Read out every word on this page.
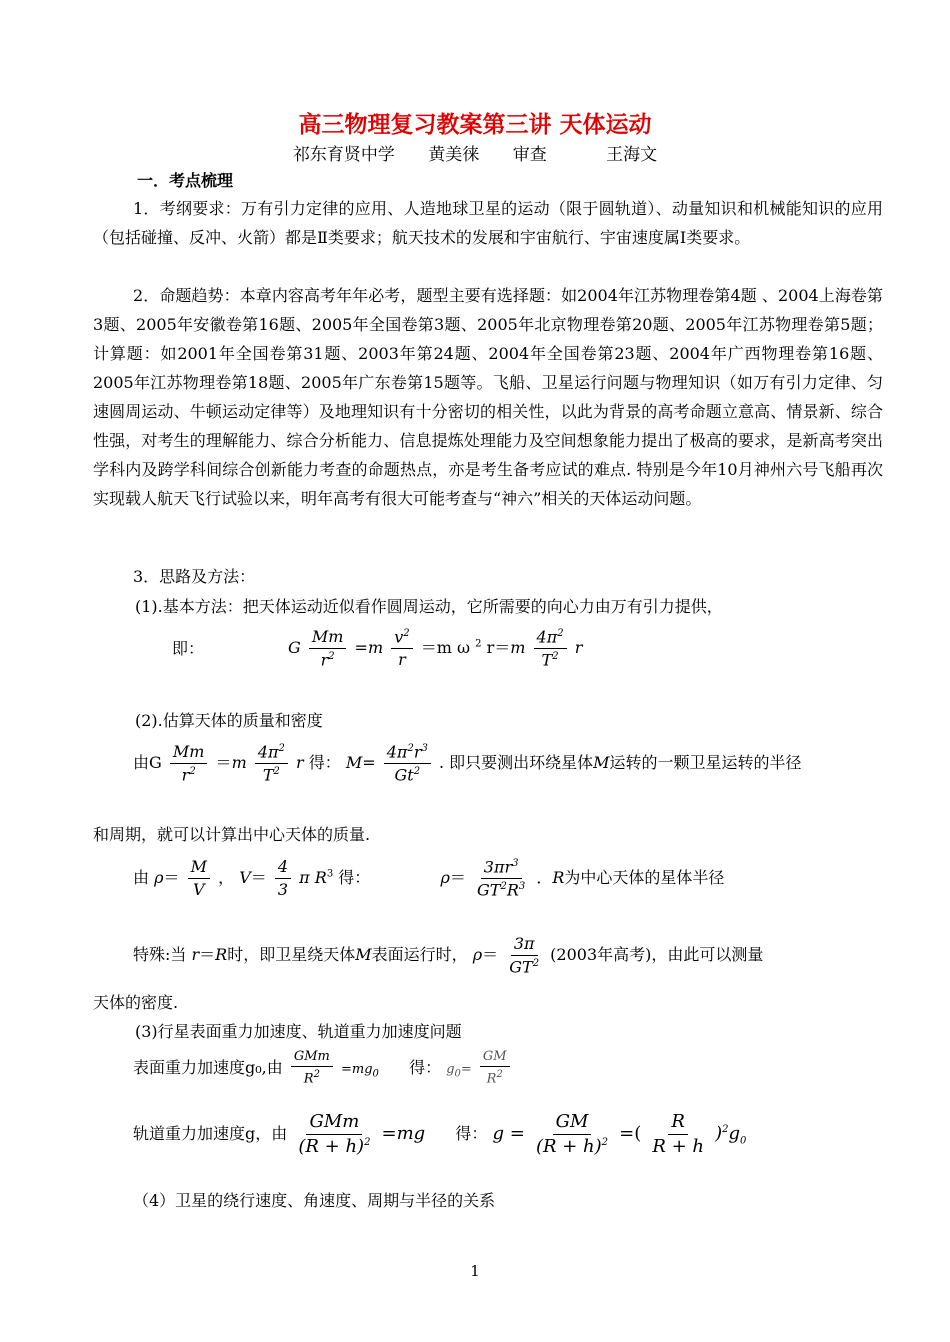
高三物理复习教案第三讲 天体运动
祁东育贤中学 黄美徕 审查	王海文
一．考点梳理
1．考纲要求：万有引力定律的应用、人造地球卫星的运动（限于圆轨道）、动量知识和机械能知识的应用（包括碰撞、反冲、火箭）都是Ⅱ类要求；航天技术的发展和宇宙航行、宇宙速度属Ⅰ类要求。
2．命题趋势：本章内容高考年年必考，题型主要有选择题：如2004年江苏物理卷第4题 、2004上海卷第3题、2005年安徽卷第16题、2005年全国卷第3题、2005年北京物理卷第20题、2005年江苏物理卷第5题；计算题：如2001年全国卷第31题、2003年第24题、2004年全国卷第23题、2004年广西物理卷第16题、2005年江苏物理卷第18题、2005年广东卷第15题等。飞船、卫星运行问题与物理知识（如万有引力定律、匀速圆周运动、牛顿运动定律等）及地理知识有十分密切的相关性，以此为背景的高考命题立意高、情景新、综合性强，对考生的理解能力、综合分析能力、信息提炼处理能力及空间想象能力提出了极高的要求，是新高考突出学科内及跨学科间综合创新能力考查的命题热点，亦是考生备考应试的难点. 特别是今年10月神州六号飞船再次实现载人航天飞行试验以来，明年高考有很大可能考查与“神六”相关的天体运动问题。
3．思路及方法：
(1).基本方法：把天体运动近似看作圆周运动，它所需要的向心力由万有引力提供，
即：	G $\frac{Mm}{r^2} =m \frac{v^2}{r} =m$ ω $^2$ $r=m \frac{4\pi^2}{T^2}$ r
(2).估算天体的质量和密度
由G $\frac{Mm}{r^2} =m \frac{4\pi^2}{T^2}$ r 得： $M= \frac{4\pi^2r^3}{Gt^2}$ . 即只要测出环绕星体M运转的一颗卫星运转的半径
和周期，就可以计算出中心天体的质量.
由 $\rho= \frac{M}{V}$ ， $V= \frac{4}{3}$ π $R^3$ 得：	$\rho= \frac{3\pi r^3}{GT^2R^3}$ ．R为中心天体的星体半径
特殊:当 r＝R时，即卫星绕天体M表面运行时， $\rho= \frac{3\pi}{GT^2} (2003$年高考)，由此可以测量
天体的密度.
(3)行星表面重力加速度、轨道重力加速度问题
表面重力加速度g₀,由 $\frac{\text{GMm}}{R^2} =mg_0$ 得： $g_0= \frac{GM}{R^2}$
轨道重力加速度g，由 $\frac{\text{GMm}}{(R + h)^2} =mg$ 得： $g = \frac{GM}{(R + h)^2}$ =( $\frac{R}{R + h} )^2g_0$
（4）卫星的绕行速度、角速度、周期与半径的关系
1
